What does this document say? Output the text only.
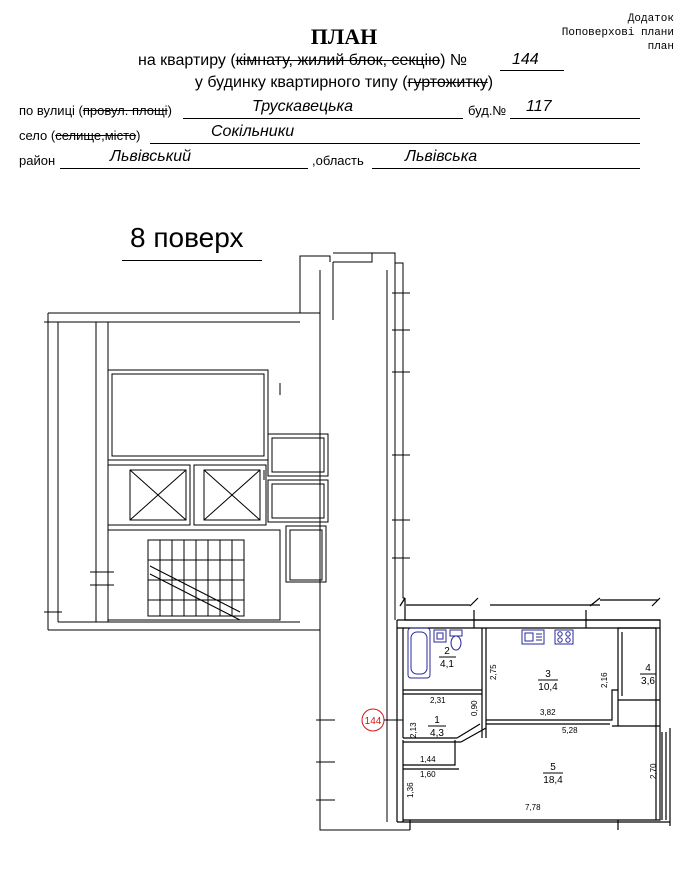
Додаток
Поповерхові плани
план
ПЛАН
на квартиру (кімнату, жилий блок, секцію) №	144
у будинку квартирного типу (гуртожитку)
по вулиці (провул. площі)	Трускавецька	буд.№ 117
село (селище,місто)	Сокільники
район	Львівський	,область	Львівська
8 поверх
144
2
4,1
3
10,4
4
3,6
1
4,3
5
18,4
2,31
2,75
2,16
0,90	3,82
2,13	5,28
1,44
1,60
1,36
2,70
7,78
